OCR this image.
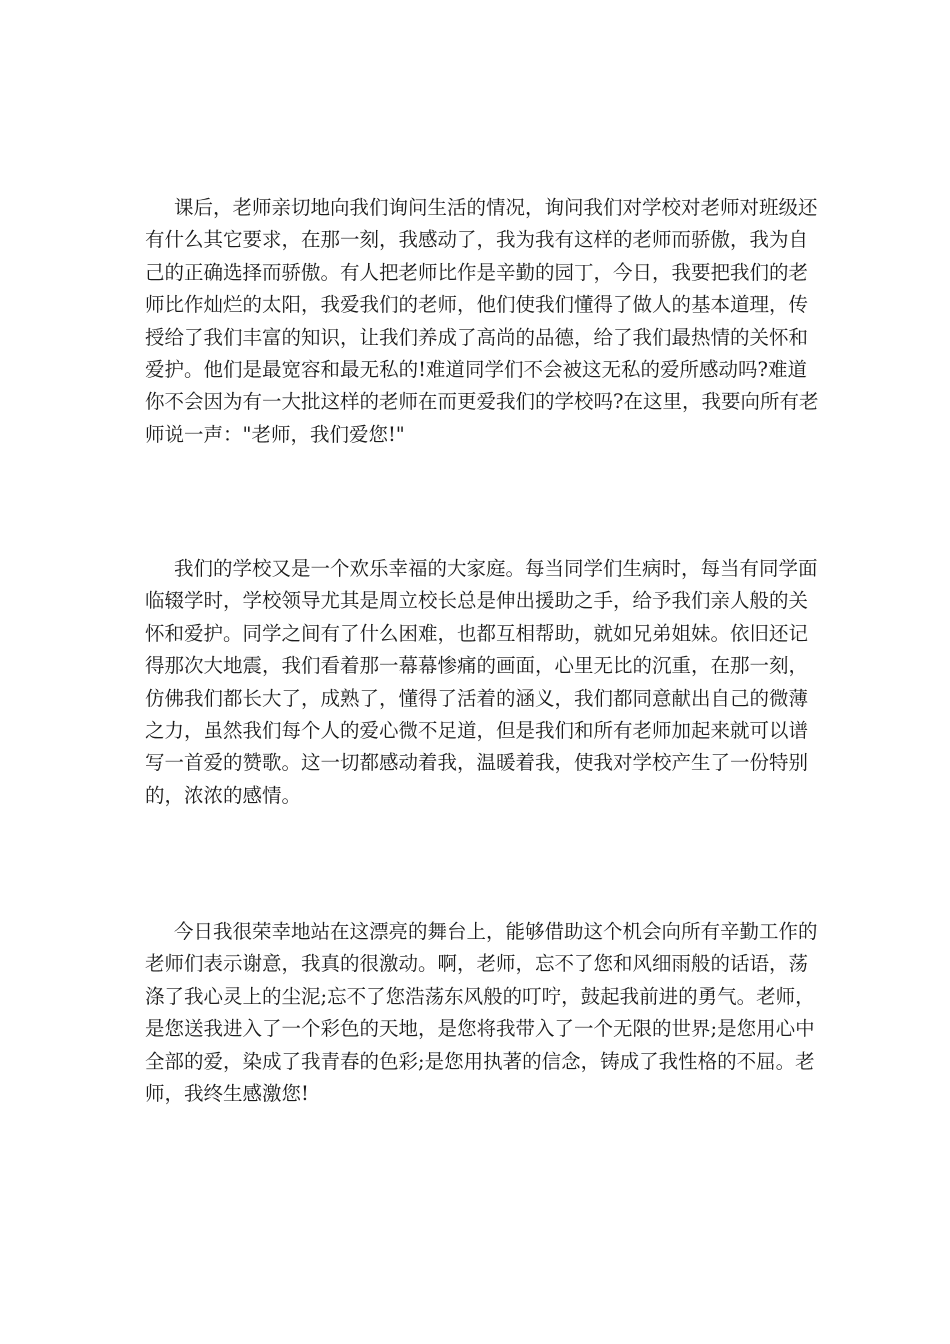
课后，老师亲切地向我们询问生活的情况，询问我们对学校对老师对班级还
有什么其它要求，在那一刻，我感动了，我为我有这样的老师而骄傲，我为自
己的正确选择而骄傲。有人把老师比作是辛勤的园丁，今日，我要把我们的老
师比作灿烂的太阳，我爱我们的老师，他们使我们懂得了做人的基本道理，传
授给了我们丰富的知识，让我们养成了高尚的品德，给了我们最热情的关怀和
爱护。他们是最宽容和最无私的!难道同学们不会被这无私的爱所感动吗?难道
你不会因为有一大批这样的老师在而更爱我们的学校吗?在这里，我要向所有老
师说一声："老师，我们爱您!"
我们的学校又是一个欢乐幸福的大家庭。每当同学们生病时，每当有同学面
临辍学时，学校领导尤其是周立校长总是伸出援助之手，给予我们亲人般的关
怀和爱护。同学之间有了什么困难，也都互相帮助，就如兄弟姐妹。依旧还记
得那次大地震，我们看着那一幕幕惨痛的画面，心里无比的沉重，在那一刻，
仿佛我们都长大了，成熟了，懂得了活着的涵义，我们都同意献出自己的微薄
之力，虽然我们每个人的爱心微不足道，但是我们和所有老师加起来就可以谱
写一首爱的赞歌。这一切都感动着我，温暖着我，使我对学校产生了一份特别
的，浓浓的感情。
今日我很荣幸地站在这漂亮的舞台上，能够借助这个机会向所有辛勤工作的
老师们表示谢意，我真的很激动。啊，老师，忘不了您和风细雨般的话语，荡
涤了我心灵上的尘泥;忘不了您浩荡东风般的叮咛，鼓起我前进的勇气。老师，
是您送我进入了一个彩色的天地，是您将我带入了一个无限的世界;是您用心中
全部的爱，染成了我青春的色彩;是您用执著的信念，铸成了我性格的不屈。老
师，我终生感激您!
